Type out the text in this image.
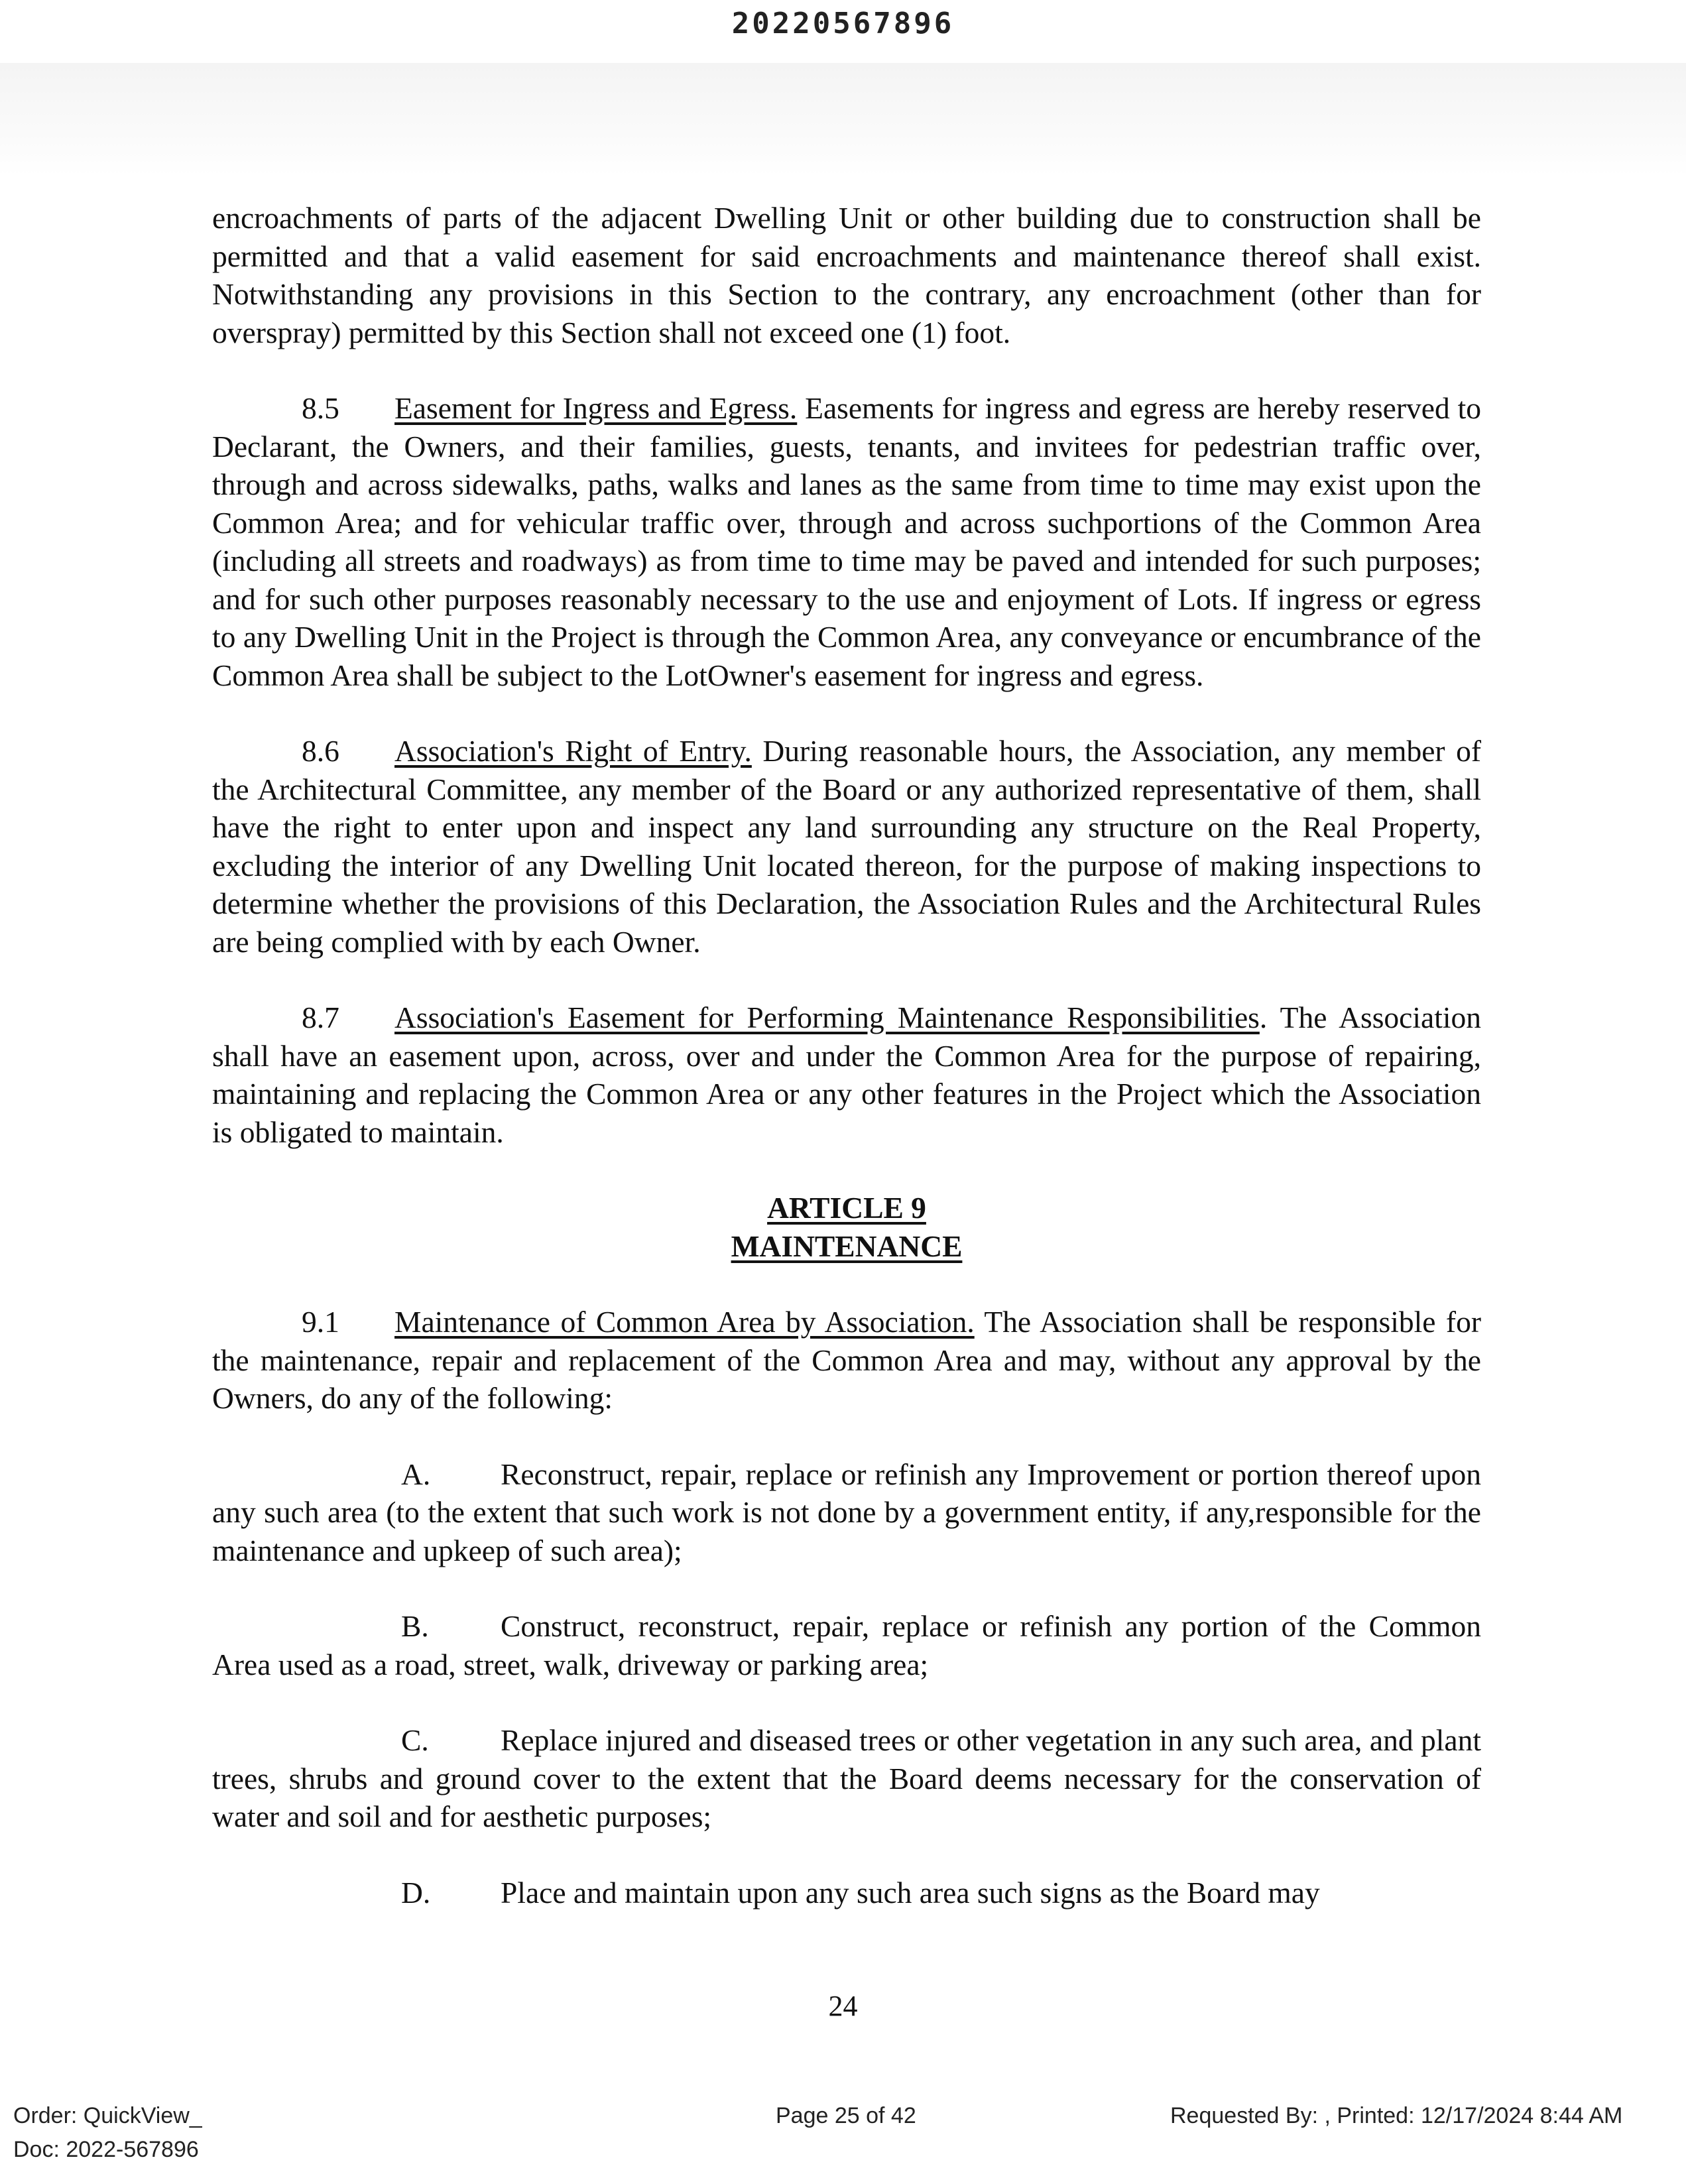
20220567896

encroachments of parts of the adjacent Dwelling Unit or other building due to construction shall be permitted and that a valid easement for said encroachments and maintenance thereof shall exist. Notwithstanding any provisions in this Section to the contrary, any encroachment (other than for overspray) permitted by this Section shall not exceed one (1) foot.

8.5 Easement for Ingress and Egress. Easements for ingress and egress are hereby reserved to Declarant, the Owners, and their families, guests, tenants, and invitees for pedestrian traffic over, through and across sidewalks, paths, walks and lanes as the same from time to time may exist upon the Common Area; and for vehicular traffic over, through and across suchportions of the Common Area (including all streets and roadways) as from time to time may be paved and intended for such purposes; and for such other purposes reasonably necessary to the use and enjoyment of Lots. If ingress or egress to any Dwelling Unit in the Project is through the Common Area, any conveyance or encumbrance of the Common Area shall be subject to the LotOwner's easement for ingress and egress.

8.6 Association's Right of Entry. During reasonable hours, the Association, any member of the Architectural Committee, any member of the Board or any authorized representative of them, shall have the right to enter upon and inspect any land surrounding any structure on the Real Property, excluding the interior of any Dwelling Unit located thereon, for the purpose of making inspections to determine whether the provisions of this Declaration, the Association Rules and the Architectural Rules are being complied with by each Owner.

8.7 Association's Easement for Performing Maintenance Responsibilities. The Association shall have an easement upon, across, over and under the Common Area for the purpose of repairing, maintaining and replacing the Common Area or any other features in the Project which the Association is obligated to maintain.

ARTICLE 9
MAINTENANCE

9.1 Maintenance of Common Area by Association. The Association shall be responsible for the maintenance, repair and replacement of the Common Area and may, without any approval by the Owners, do any of the following:

A. Reconstruct, repair, replace or refinish any Improvement or portion thereof upon any such area (to the extent that such work is not done by a government entity, if any,responsible for the maintenance and upkeep of such area);

B. Construct, reconstruct, repair, replace or refinish any portion of the Common Area used as a road, street, walk, driveway or parking area;

C. Replace injured and diseased trees or other vegetation in any such area, and plant trees, shrubs and ground cover to the extent that the Board deems necessary for the conservation of water and soil and for aesthetic purposes;

D. Place and maintain upon any such area such signs as the Board may

24
Order: QuickView_
Doc: 2022-567896
Page 25 of 42	Requested By: , Printed: 12/17/2024 8:44 AM
